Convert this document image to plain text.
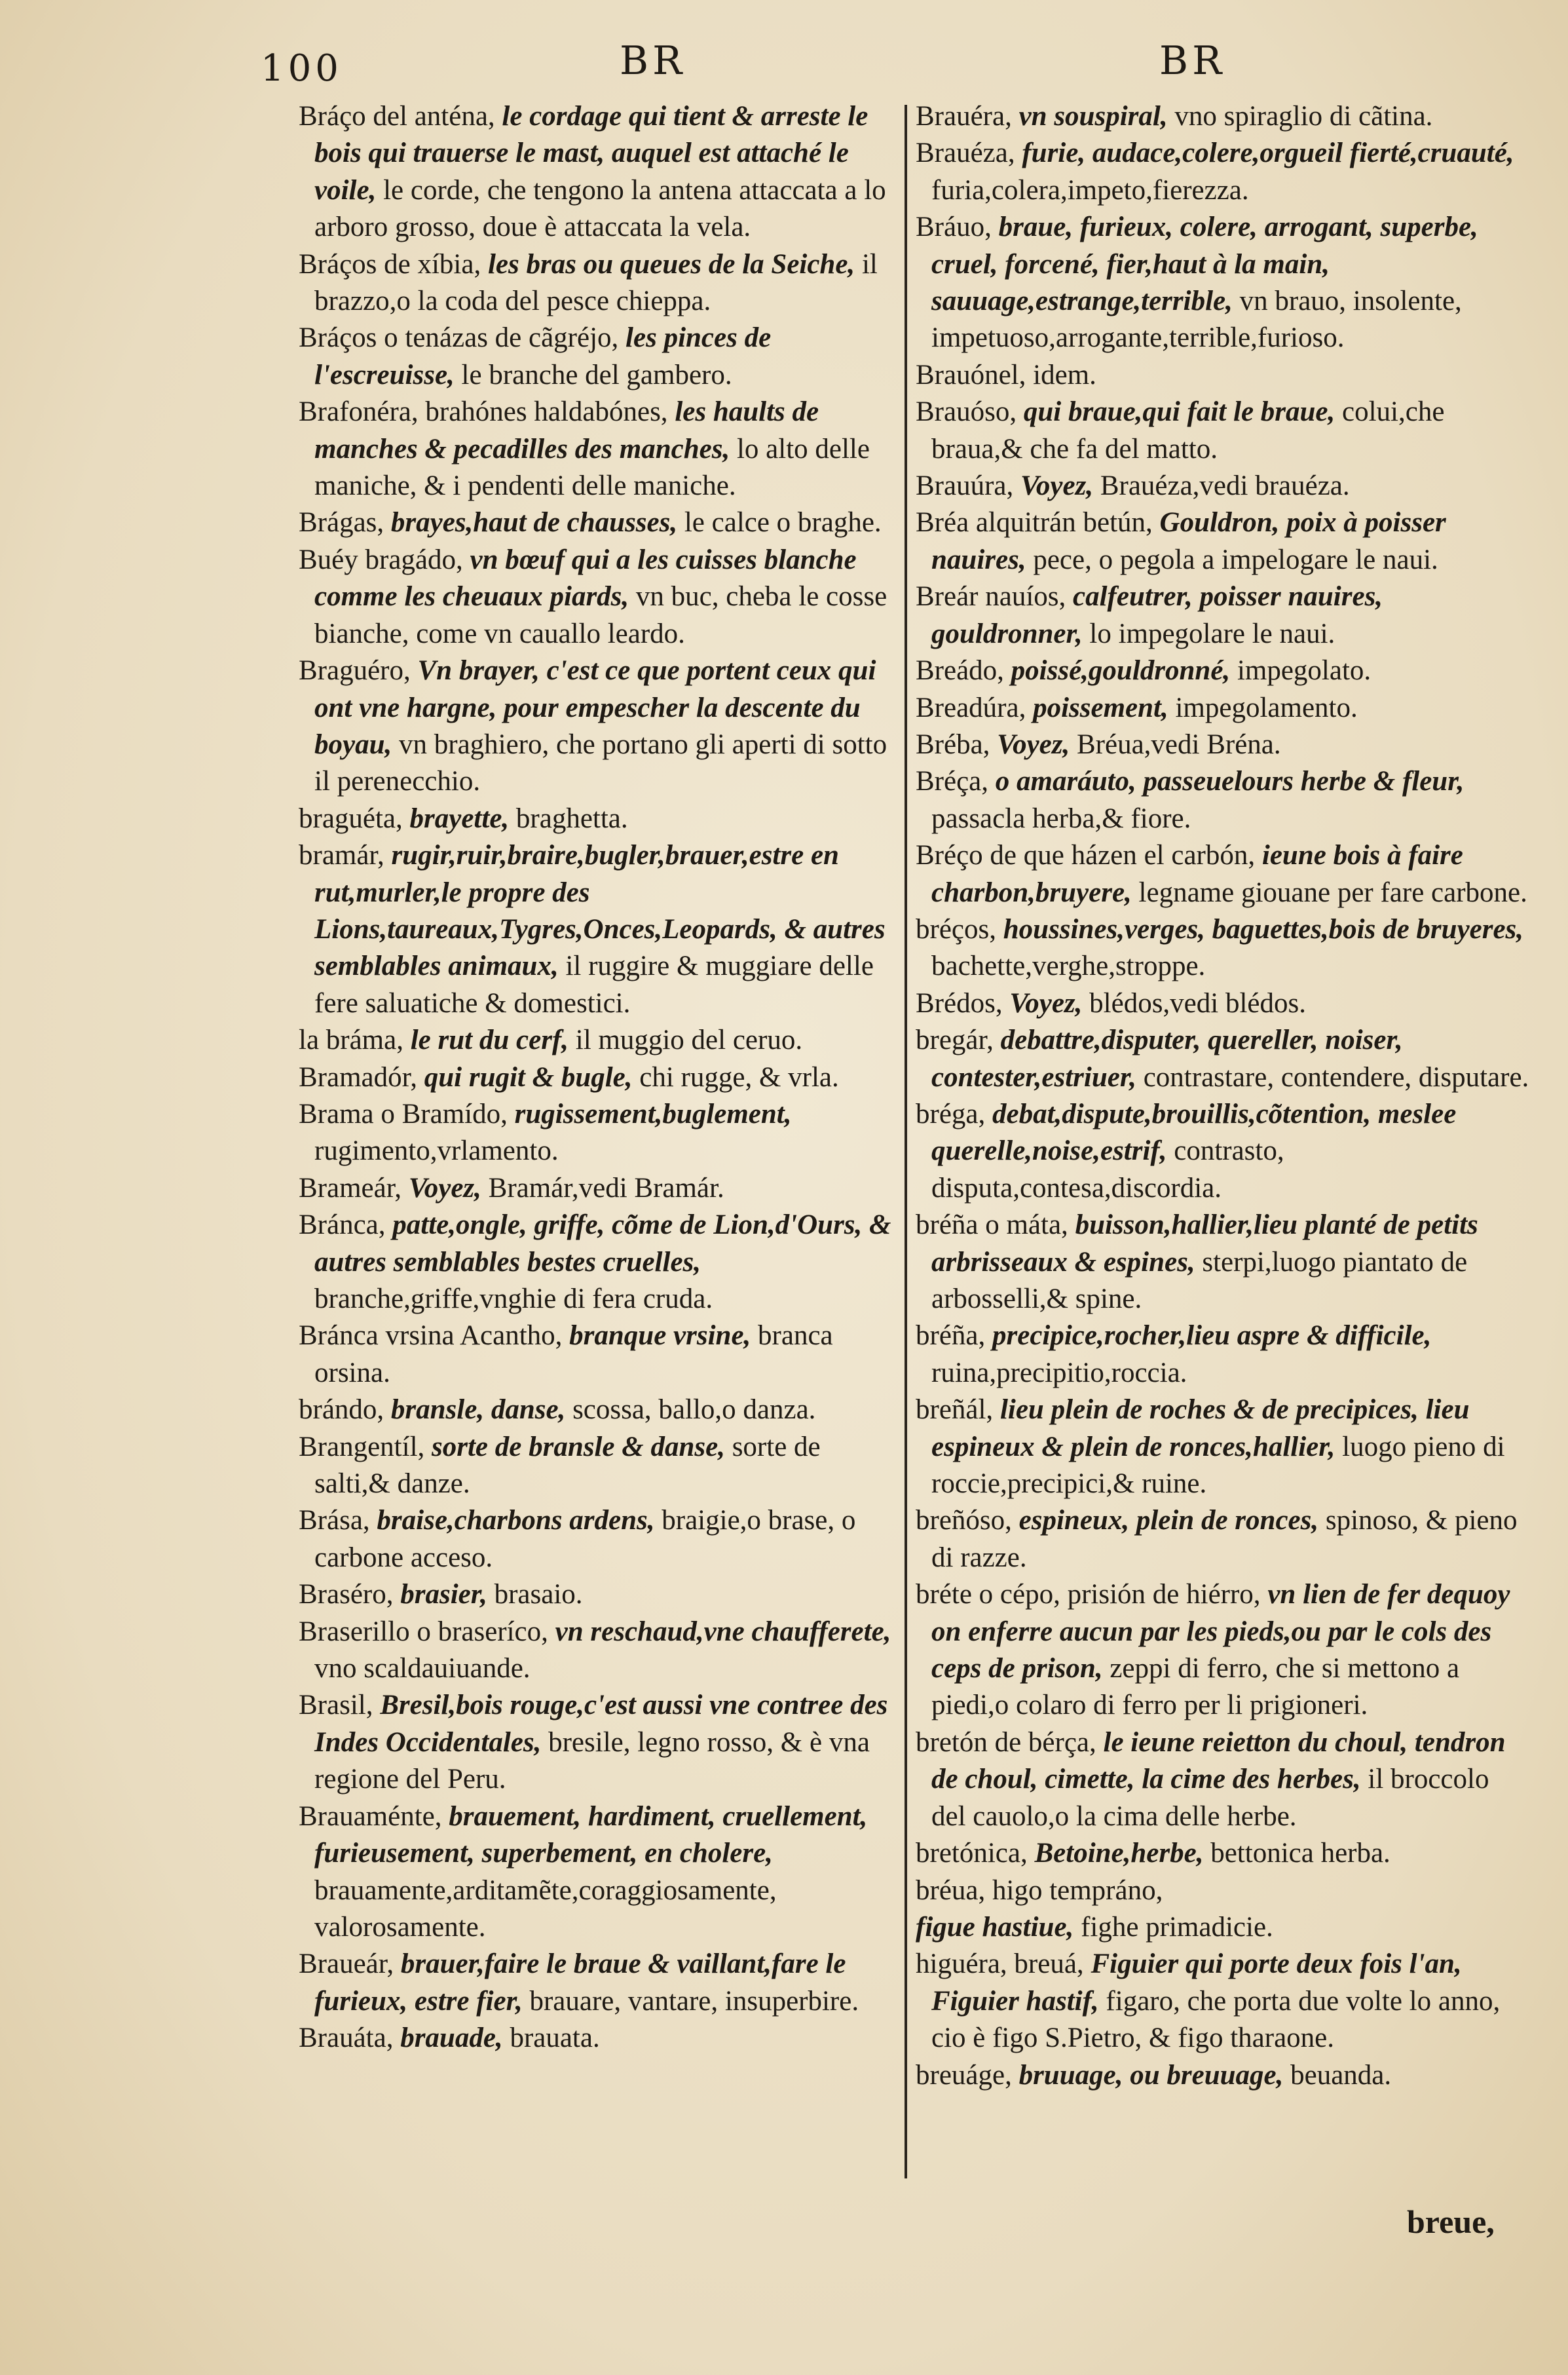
100	BR	BR

Bráço del anténa, le cordage qui tient & arreste le bois qui trauerse le mast, auquel est attaché le voile, le corde, che tengono la antena attaccata a lo arboro grosso, doue è attaccata la vela.

Bráços de xíbia, les bras ou queues de la Seiche, il brazzo,o la coda del pesce chieppa.

Bráços o tenázas de cãgréjo, les pinces de l'escreuisse, le branche del gambero.

Brafonéra, brahónes haldabónes, les haults de manches & pecadilles des manches, lo alto delle maniche, & i pendenti delle maniche.

Brágas, brayes,haut de chausses, le calce o braghe.

Buéy bragádo, vn bœuf qui a les cuisses blanche comme les cheuaux piards, vn buc, cheba le cosse bianche, come vn cauallo leardo.

Braguéro, Vn brayer, c'est ce que portent ceux qui ont vne hargne, pour empescher la descente du boyau, vn braghiero, che portano gli aperti di sotto il perenecchio.

braguéta, brayette, braghetta.

bramár, rugir,ruir,braire,bugler,brauer,estre en rut,murler,le propre des Lions,taureaux,Tygres,Onces,Leopards, & autres semblables animaux, il ruggire & muggiare delle fere saluatiche & domestici.

la bráma, le rut du cerf, il muggio del ceruo.

Bramadór, qui rugit & bugle, chi rugge, & vrla.

Brama o Bramído, rugissement,buglement, rugimento,vrlamento.

Brameár, Voyez, Bramár,vedi Bramár.

Bránca, patte,ongle, griffe, cõme de Lion,d'Ours, & autres semblables bestes cruelles, branche,griffe,vnghie di fera cruda.

Bránca vrsina Acantho, branque vrsine, branca orsina.

brándo, bransle, danse, scossa, ballo,o danza.

Brangentíl, sorte de bransle & danse, sorte de salti,& danze.

Brása, braise,charbons ardens, braigie,o brase, o carbone acceso.

Braséro, brasier, brasaio.

Braserillo o braseríco, vn reschaud,vne chaufferete, vno scaldauiuande.

Brasil, Bresil,bois rouge,c'est aussi vne contree des Indes Occidentales, bresile, legno rosso, & è vna regione del Peru.

Brauaménte, brauement, hardiment, cruellement, furieusement, superbement, en cholere, brauamente,arditamẽte,coraggiosamente, valorosamente.

Braueár, brauer,faire le braue & vaillant,fare le furieux, estre fier, brauare, vantare, insuperbire.

Brauáta, brauade, brauata.

Brauéra, vn souspiral, vno spiraglio di cãtina.

Brauéza, furie, audace,colere,orgueil fierté,cruauté, furia,colera,impeto,fierezza.

Bráuo, braue, furieux, colere, arrogant, superbe, cruel, forcené, fier,haut à la main, sauuage,estrange,terrible, vn brauo, insolente, impetuoso,arrogante,terrible,furioso.

Brauónel, idem.

Brauóso, qui braue,qui fait le braue, colui,che braua,& che fa del matto.

Brauúra, Voyez, Brauéza,vedi brauéza.

Bréa alquitrán betún, Gouldron, poix à poisser nauires, pece, o pegola a impelogare le naui.

Breár nauíos, calfeutrer, poisser nauires, gouldronner, lo impegolare le naui.

Breádo, poissé,gouldronné, impegolato.

Breadúra, poissement, impegolamento.

Bréba, Voyez, Bréua,vedi Bréna.

Bréça, o amaráuto, passeuelours herbe & fleur, passacla herba,& fiore.

Bréço de que házen el carbón, ieune bois à faire charbon,bruyere, legname giouane per fare carbone.

bréços, houssines,verges, baguettes,bois de bruyeres, bachette,verghe,stroppe.

Brédos, Voyez, blédos,vedi blédos.

bregár, debattre,disputer, quereller, noiser, contester,estriuer, contrastare, contendere, disputare.

bréga, debat,dispute,brouillis,cõtention, meslee querelle,noise,estrif, contrasto, disputa,contesa,discordia.

bréña o máta, buisson,hallier,lieu planté de petits arbrisseaux & espines, sterpi,luogo piantato de arbosselli,& spine.

bréña, precipice,rocher,lieu aspre & difficile, ruina,precipitio,roccia.

breñál, lieu plein de roches & de precipices, lieu espineux & plein de ronces,hallier, luogo pieno di roccie,precipici,& ruine.

breñóso, espineux, plein de ronces, spinoso, & pieno di razze.

bréte o cépo, prisión de hiérro, vn lien de fer dequoy on enferre aucun par les pieds,ou par le cols des ceps de prison, zeppi di ferro, che si mettono a piedi,o colaro di ferro per li prigioneri.

bretón de bérça, le ieune reietton du choul, tendron de choul, cimette, la cime des herbes, il broccolo del cauolo,o la cima delle herbe.

bretónica, Betoine,herbe, bettonica herba.

bréua, higo tempráno,

figue hastiue, fighe primadicie.

higuéra, breuá, Figuier qui porte deux fois l'an, Figuier hastif, figaro, che porta due volte lo anno, cio è figo S.Pietro, & figo tharaone.

breuáge, bruuage, ou breuuage, beuanda.

breue,
